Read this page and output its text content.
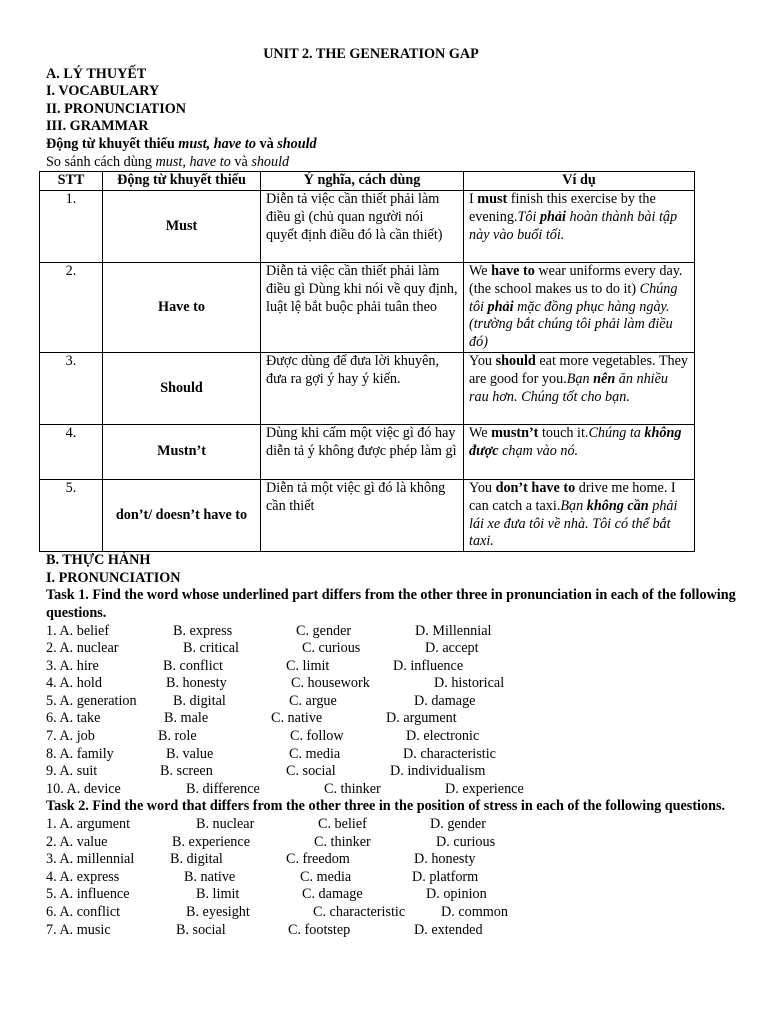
UNIT 2. THE GENERATION GAP
A. LÝ THUYẾT
I. VOCABULARY
II. PRONUNCIATION
III. GRAMMAR
Động từ khuyết thiếu must, have to và should
So sánh cách dùng must, have to và should
STT	Động từ khuyết thiếu	Ý nghĩa, cách dùng	Ví dụ
1.	Must	Diễn tả việc cần thiết phải làm điều gì (chủ quan người nói quyết định điều đó là cần thiết)	I must finish this exercise by the evening.Tôi phải hoàn thành bài tập này vào buổi tối.
2.	Have to	Diễn tả việc cần thiết phải làm điều gì Dùng khi nói về quy định, luật lệ bắt buộc phải tuân theo	We have to wear uniforms every day. (the school makes us to do it) Chúng tôi phải mặc đồng phục hàng ngày. (trường bắt chúng tôi phải làm điều đó)
3.	Should	Được dùng để đưa lời khuyên, đưa ra gợi ý hay ý kiến.	You should eat more vegetables. They are good for you.Bạn nên ăn nhiều rau hơn. Chúng tốt cho bạn.
4.	Mustn’t	Dùng khi cấm một việc gì đó hay diễn tả ý không được phép làm gì	We mustn’t touch it.Chúng ta không được chạm vào nó.
5.	don’t/ doesn’t have to	Diễn tả một việc gì đó là không cần thiết	You don’t have to drive me home. I can catch a taxi.Bạn không cần phải lái xe đưa tôi về nhà. Tôi có thể bắt taxi.
B. THỰC HÀNH
I. PRONUNCIATION
Task 1. Find the word whose underlined part differs from the other three in pronunciation in each of the following questions.
1. A. belief	B. express	C. gender	D. Millennial
2. A. nuclear	B. critical	C. curious	D. accept
3. A. hire	B. conflict	C. limit	D. influence
4. A. hold	B. honesty	C. housework	D. historical
5. A. generation	B. digital	C. argue	D. damage
6. A. take	B. male	C. native	D. argument
7. A. job	B. role	C. follow	D. electronic
8. A. family	B. value	C. media	D. characteristic
9. A. suit	B. screen	C. social	D. individualism
10. A. device	B. difference	C. thinker	D. experience
Task 2. Find the word that differs from the other three in the position of stress in each of the following questions.
1. A. argument	B. nuclear	C. belief	D. gender
2. A. value	B. experience	C. thinker	D. curious
3. A. millennial	B. digital	C. freedom	D. honesty
4. A. express	B. native	C. media	D. platform
5. A. influence	B. limit	C. damage	D. opinion
6. A. conflict	B. eyesight	C. characteristic	D. common
7. A. music	B. social	C. footstep	D. extended
